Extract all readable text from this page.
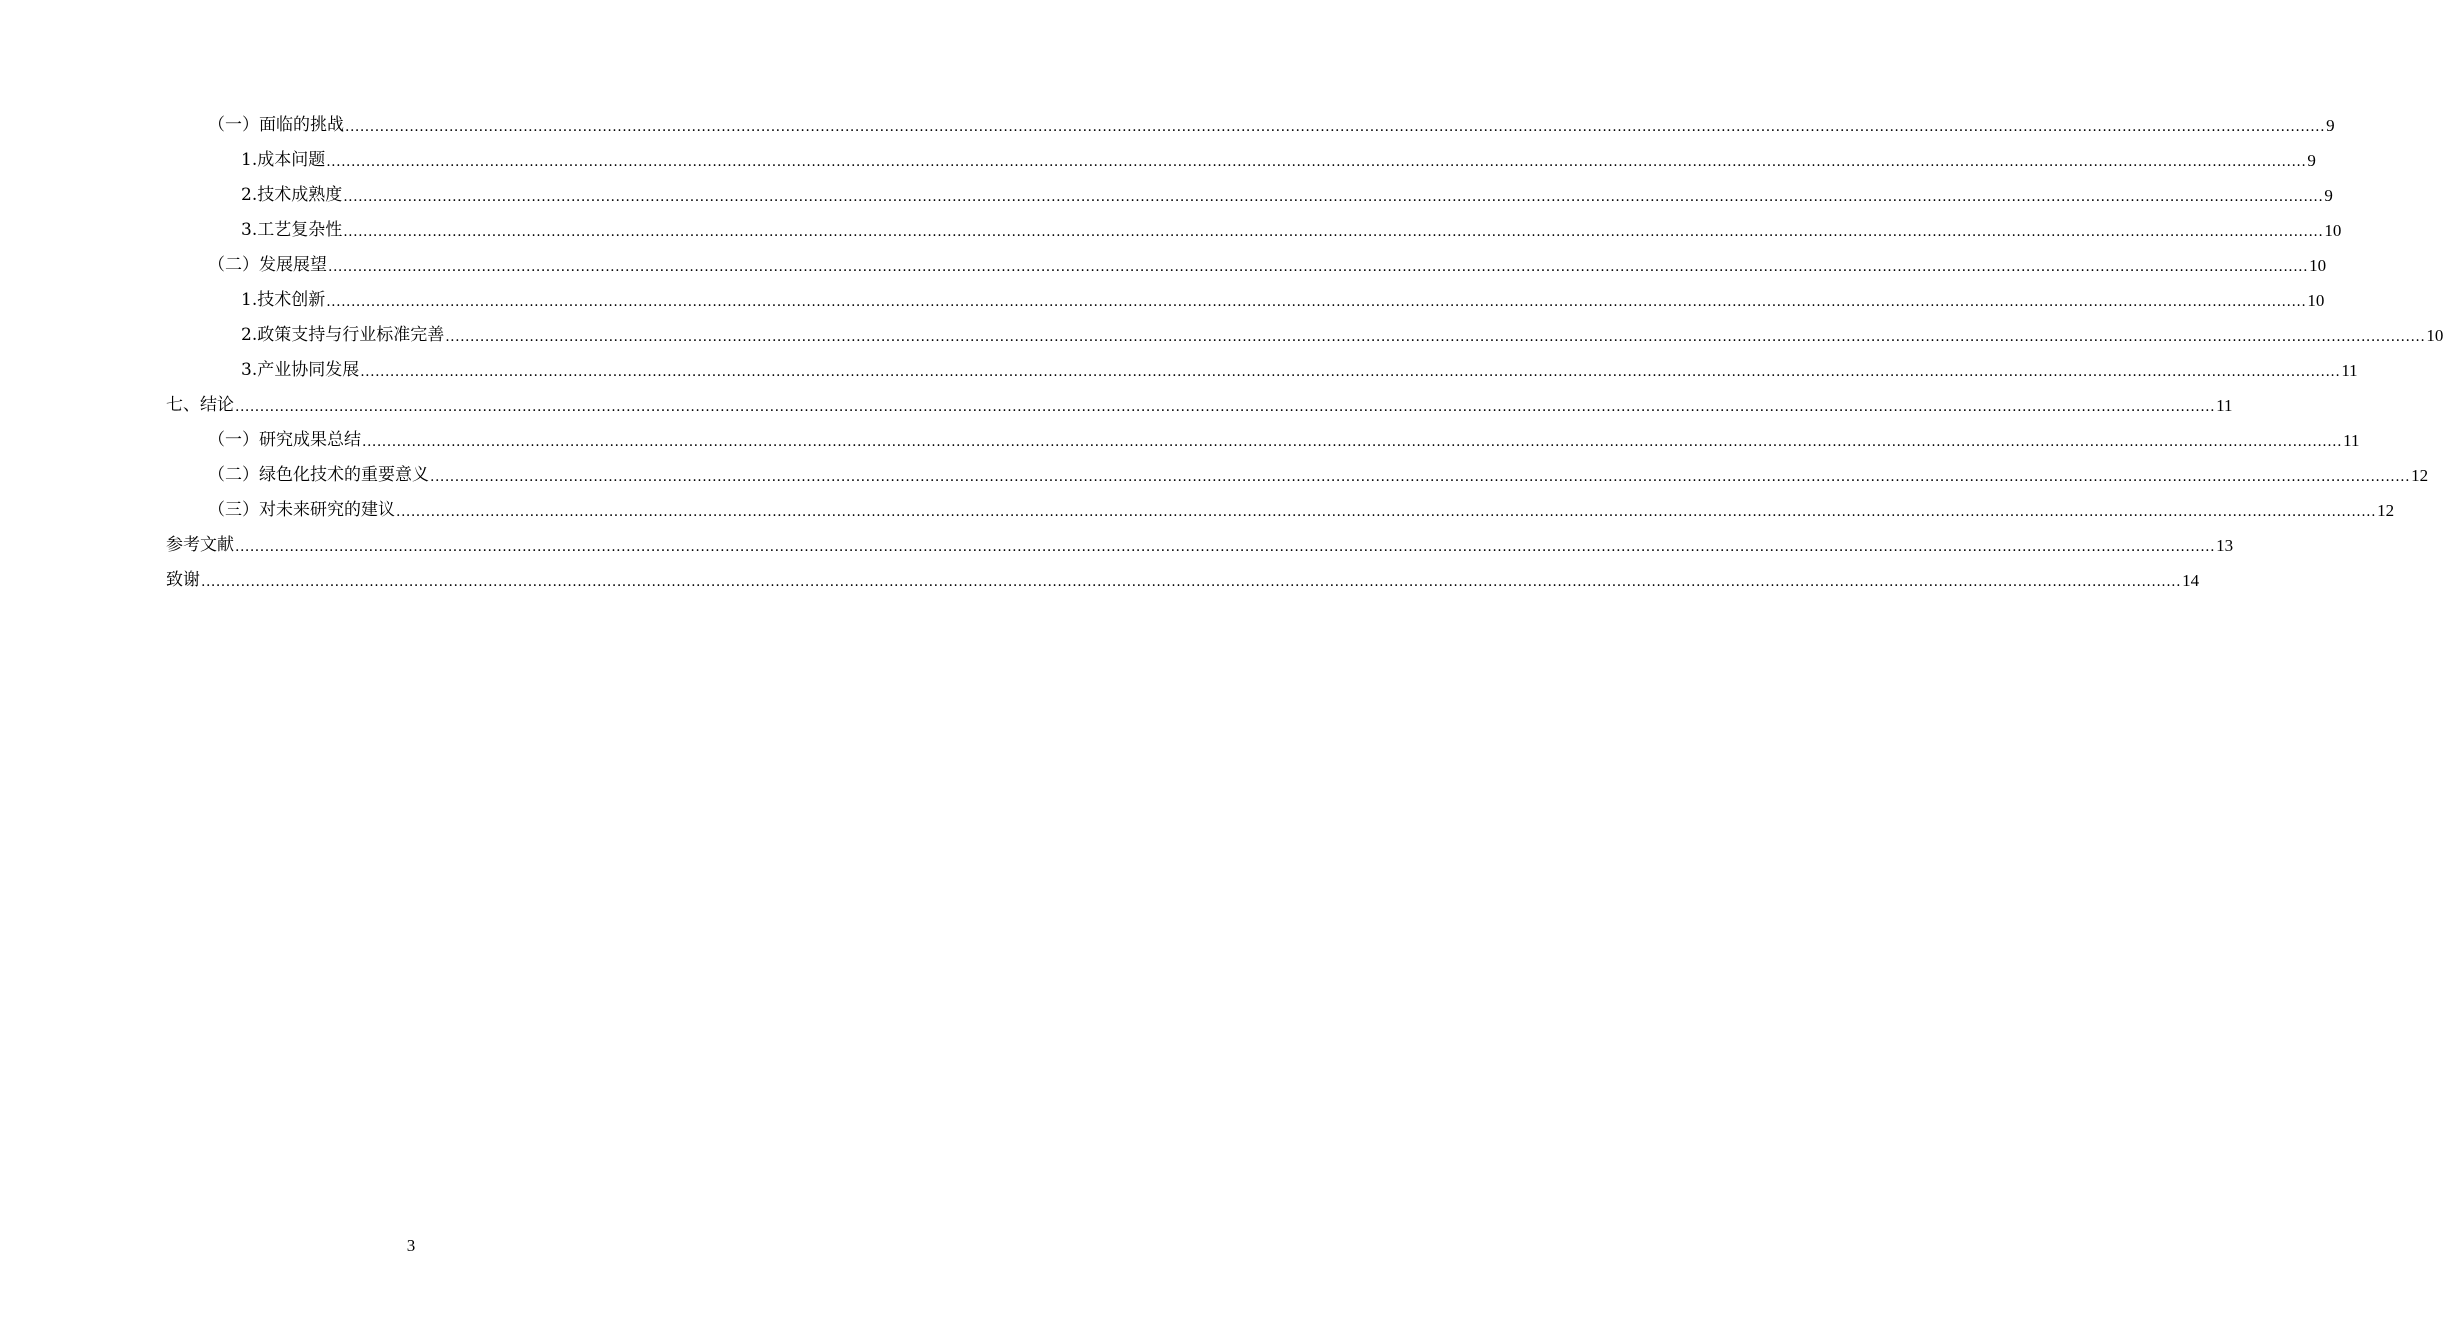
（一）面临的挑战 ................................................................................................................................................................................................................................................................................................................................................................................................................ 9
1.成本问题 ................................................................................................................................................................................................................................................................................................................................................................................................................ 9
2.技术成熟度 ................................................................................................................................................................................................................................................................................................................................................................................................................ 9
3.工艺复杂性 ................................................................................................................................................................................................................................................................................................................................................................................................................ 10
（二）发展展望 ................................................................................................................................................................................................................................................................................................................................................................................................................ 10
1.技术创新 ................................................................................................................................................................................................................................................................................................................................................................................................................ 10
2.政策支持与行业标准完善 ................................................................................................................................................................................................................................................................................................................................................................................................................ 10
3.产业协同发展 ................................................................................................................................................................................................................................................................................................................................................................................................................ 11
七、结论 ................................................................................................................................................................................................................................................................................................................................................................................................................ 11
（一）研究成果总结 ................................................................................................................................................................................................................................................................................................................................................................................................................ 11
（二）绿色化技术的重要意义 ................................................................................................................................................................................................................................................................................................................................................................................................................ 12
（三）对未来研究的建议 ................................................................................................................................................................................................................................................................................................................................................................................................................ 12
参考文献 ................................................................................................................................................................................................................................................................................................................................................................................................................ 13
致谢 ................................................................................................................................................................................................................................................................................................................................................................................................................ 14
3
